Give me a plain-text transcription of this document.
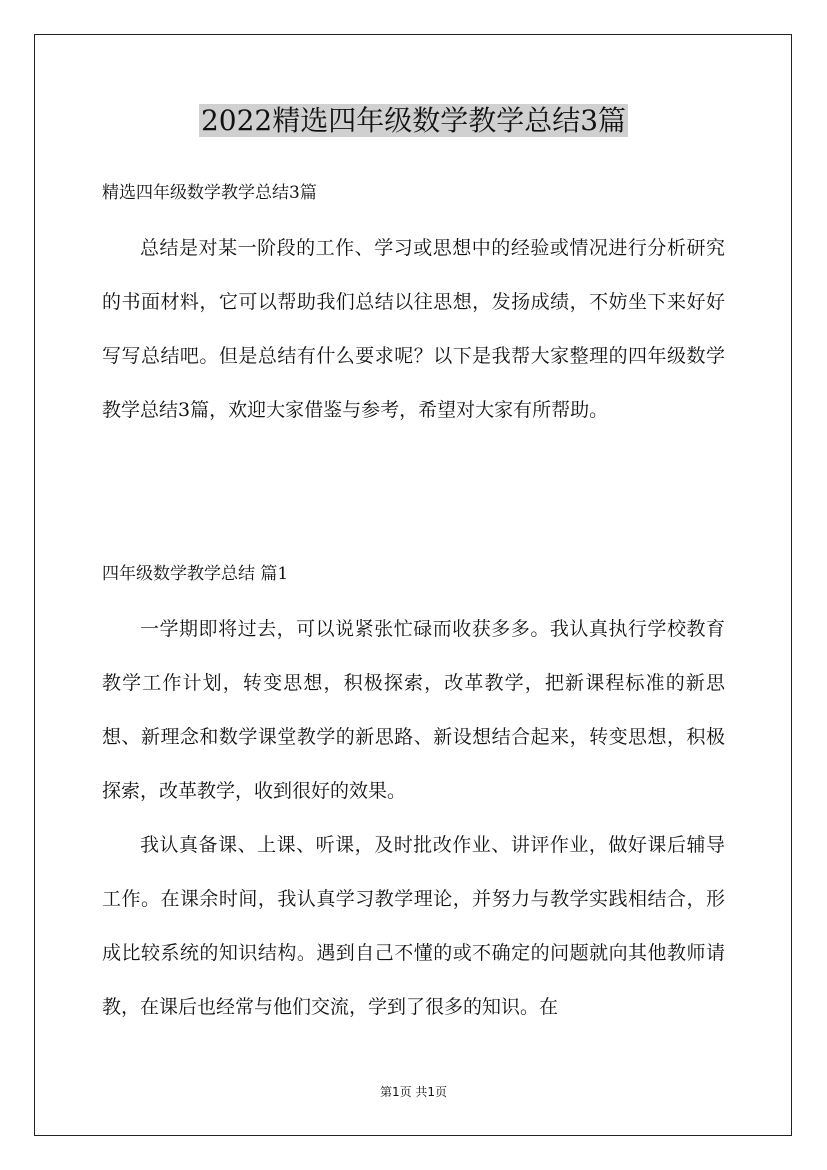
2022精选四年级数学教学总结3篇

精选四年级数学教学总结3篇

总结是对某一阶段的工作、学习或思想中的经验或情况进行分析研究的书面材料，它可以帮助我们总结以往思想，发扬成绩，不妨坐下来好好写写总结吧。但是总结有什么要求呢？以下是我帮大家整理的四年级数学教学总结3篇，欢迎大家借鉴与参考，希望对大家有所帮助。

四年级数学教学总结 篇1

一学期即将过去，可以说紧张忙碌而收获多多。我认真执行学校教育教学工作计划，转变思想，积极探索，改革教学，把新课程标准的新思想、新理念和数学课堂教学的新思路、新设想结合起来，转变思想，积极探索，改革教学，收到很好的效果。

我认真备课、上课、听课，及时批改作业、讲评作业，做好课后辅导工作。在课余时间，我认真学习教学理论，并努力与教学实践相结合，形成比较系统的知识结构。遇到自己不懂的或不确定的问题就向其他教师请教，在课后也经常与他们交流，学到了很多的知识。在

第1页 共1页
